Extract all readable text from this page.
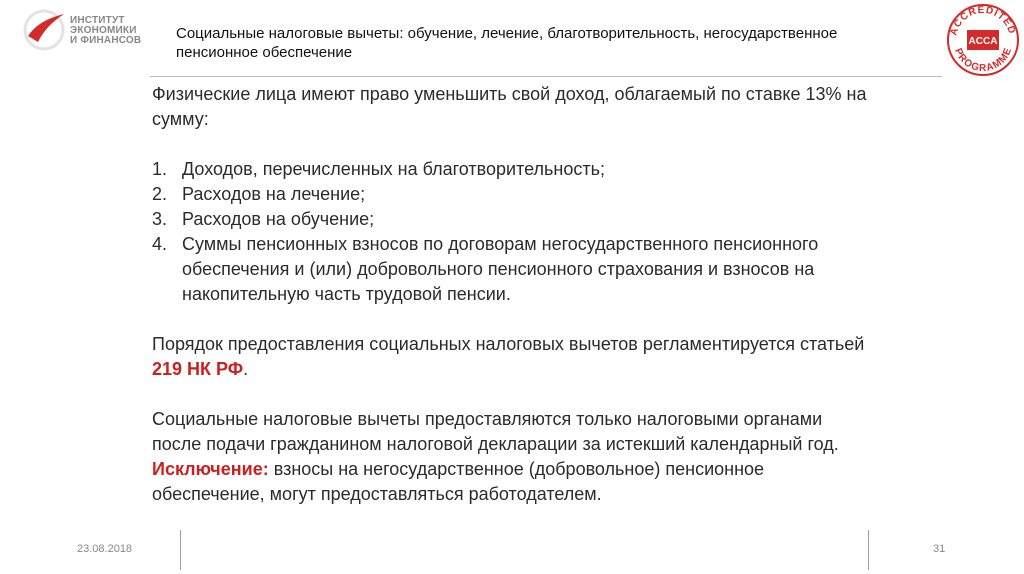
ИНСТИТУТ
ЭКОНОМИКИ
И ФИНАНСОВ Социальные налоговые вычеты: обучение, лечение, благотворительность, негосударственное
пенсионное обеспечение
ACCREDITED
PROGRAMME
ACCA

Физические лица имеют право уменьшить свой доход, облагаемый по ставке 13% на

сумму:

1. Доходов, перечисленных на благотворительность;
2. Расходов на лечение;
3. Расходов на обучение;
4. Суммы пенсионных взносов по договорам негосударственного пенсионного
обеспечения и (или) добровольного пенсионного страхования и взносов на
накопительную часть трудовой пенсии.

Порядок предоставления социальных налоговых вычетов регламентируется статьей

219 НК РФ.

Социальные налоговые вычеты предоставляются только налоговыми органами

после подачи гражданином налоговой декларации за истекший календарный год.

Исключение: взносы на негосударственное (добровольное) пенсионное

обеспечение, могут предоставляться работодателем.

23.08.2018	31
